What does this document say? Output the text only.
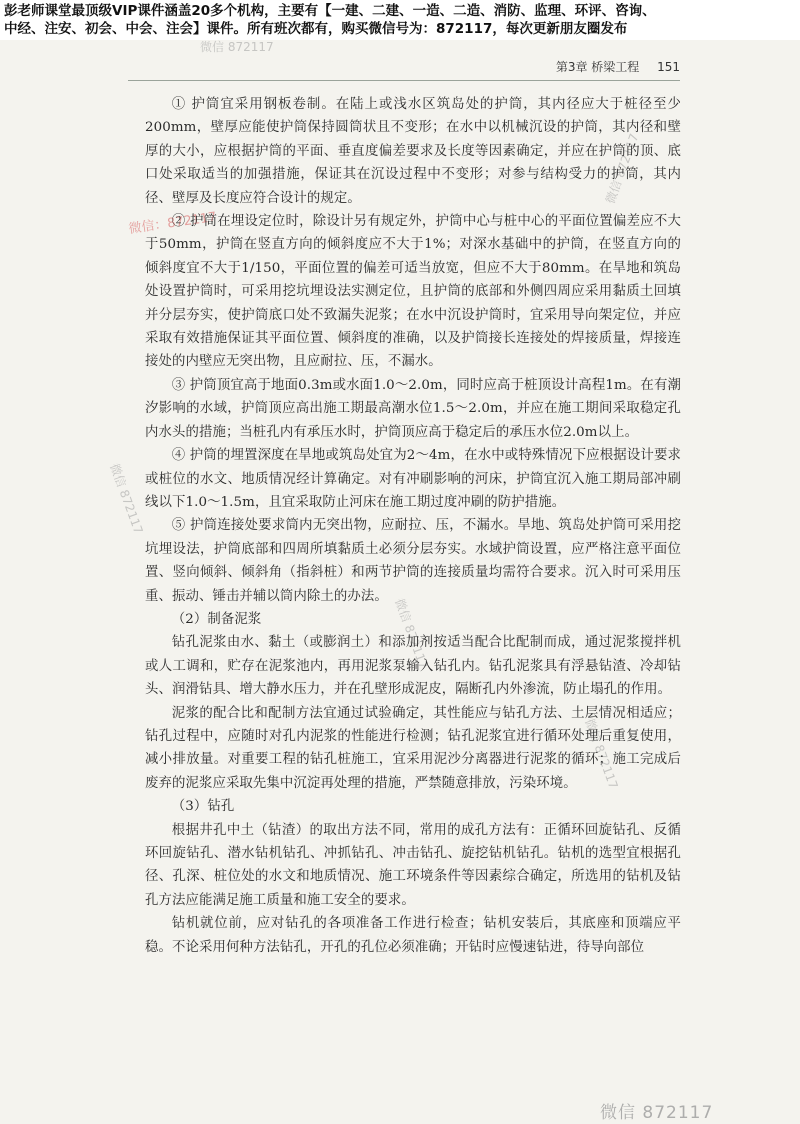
彭老师课堂最顶级VIP课件涵盖20多个机构，主要有【一建、二建、一造、二造、消防、监理、环评、咨询、
中经、注安、初会、中会、注会】课件。所有班次都有，购买微信号为：872117，每次更新朋友圈发布
微信 872117
微信：872117
微信 872117
微信 872117
微信 872117
微信 872117
微信 872117
第3章 桥梁工程 151

① 护筒宜采用钢板卷制。在陆上或浅水区筑岛处的护筒，其内径应大于桩径至少200mm，壁厚应能使护筒保持圆筒状且不变形；在水中以机械沉设的护筒，其内径和壁厚的大小，应根据护筒的平面、垂直度偏差要求及长度等因素确定，并应在护筒的顶、底口处采取适当的加强措施，保证其在沉设过程中不变形；对参与结构受力的护筒，其内径、壁厚及长度应符合设计的规定。

② 护筒在埋设定位时，除设计另有规定外，护筒中心与桩中心的平面位置偏差应不大于50mm，护筒在竖直方向的倾斜度应不大于1%；对深水基础中的护筒，在竖直方向的倾斜度宜不大于1/150，平面位置的偏差可适当放宽，但应不大于80mm。在旱地和筑岛处设置护筒时，可采用挖坑埋设法实测定位，且护筒的底部和外侧四周应采用黏质土回填并分层夯实，使护筒底口处不致漏失泥浆；在水中沉设护筒时，宜采用导向架定位，并应采取有效措施保证其平面位置、倾斜度的准确，以及护筒接长连接处的焊接质量，焊接连接处的内壁应无突出物，且应耐拉、压，不漏水。

③ 护筒顶宜高于地面0.3m或水面1.0～2.0m，同时应高于桩顶设计高程1m。在有潮汐影响的水域，护筒顶应高出施工期最高潮水位1.5～2.0m，并应在施工期间采取稳定孔内水头的措施；当桩孔内有承压水时，护筒顶应高于稳定后的承压水位2.0m以上。

④ 护筒的埋置深度在旱地或筑岛处宜为2～4m，在水中或特殊情况下应根据设计要求或桩位的水文、地质情况经计算确定。对有冲刷影响的河床，护筒宜沉入施工期局部冲刷线以下1.0～1.5m，且宜采取防止河床在施工期过度冲刷的防护措施。

⑤ 护筒连接处要求筒内无突出物，应耐拉、压，不漏水。旱地、筑岛处护筒可采用挖坑埋设法，护筒底部和四周所填黏质土必须分层夯实。水域护筒设置，应严格注意平面位置、竖向倾斜、倾斜角（指斜桩）和两节护筒的连接质量均需符合要求。沉入时可采用压重、振动、锤击并辅以筒内除土的办法。

（2）制备泥浆

钻孔泥浆由水、黏土（或膨润土）和添加剂按适当配合比配制而成，通过泥浆搅拌机或人工调和，贮存在泥浆池内，再用泥浆泵输入钻孔内。钻孔泥浆具有浮悬钻渣、冷却钻头、润滑钻具、增大静水压力，并在孔壁形成泥皮，隔断孔内外渗流，防止塌孔的作用。

泥浆的配合比和配制方法宜通过试验确定，其性能应与钻孔方法、土层情况相适应；钻孔过程中，应随时对孔内泥浆的性能进行检测；钻孔泥浆宜进行循环处理后重复使用，减小排放量。对重要工程的钻孔桩施工，宜采用泥沙分离器进行泥浆的循环；施工完成后废弃的泥浆应采取先集中沉淀再处理的措施，严禁随意排放，污染环境。

（3）钻孔

根据井孔中土（钻渣）的取出方法不同，常用的成孔方法有：正循环回旋钻孔、反循环回旋钻孔、潜水钻机钻孔、冲抓钻孔、冲击钻孔、旋挖钻机钻孔。钻机的选型宜根据孔径、孔深、桩位处的水文和地质情况、施工环境条件等因素综合确定，所选用的钻机及钻孔方法应能满足施工质量和施工安全的要求。

钻机就位前，应对钻孔的各项准备工作进行检查；钻机安装后，其底座和顶端应平稳。不论采用何种方法钻孔，开孔的孔位必须准确；开钻时应慢速钻进，待导向部位
